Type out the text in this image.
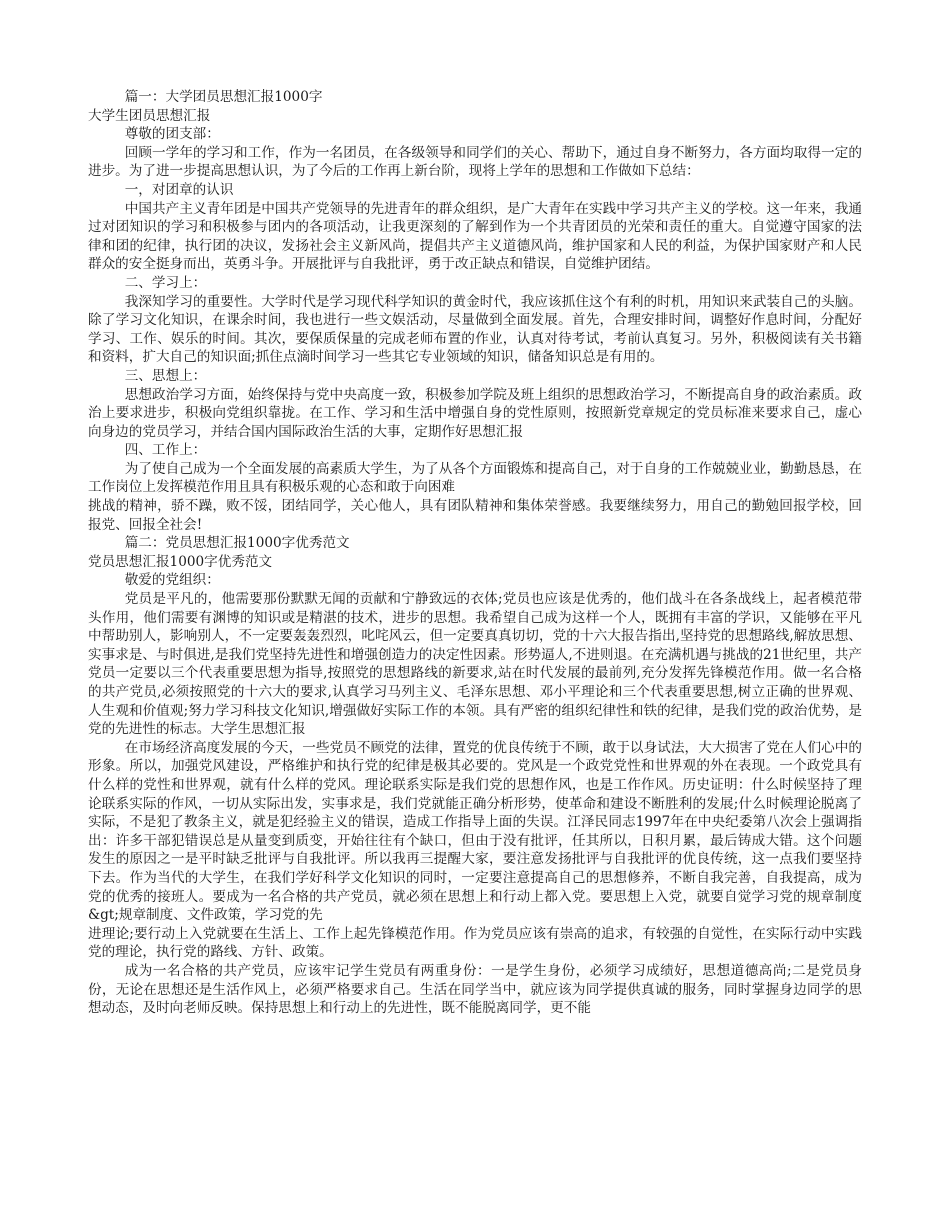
篇一：大学团员思想汇报1000字

大学生团员思想汇报

尊敬的团支部：

回顾一学年的学习和工作，作为一名团员，在各级领导和同学们的关心、帮助下，通过自身不断努力，各方面均取得一定的进步。为了进一步提高思想认识，为了今后的工作再上新台阶，现将上学年的思想和工作做如下总结：

一，对团章的认识

中国共产主义青年团是中国共产党领导的先进青年的群众组织，是广大青年在实践中学习共产主义的学校。这一年来，我通过对团知识的学习和积极参与团内的各项活动，让我更深刻的了解到作为一个共青团员的光荣和责任的重大。自觉遵守国家的法律和团的纪律，执行团的决议，发扬社会主义新风尚，提倡共产主义道德风尚，维护国家和人民的利益，为保护国家财产和人民群众的安全挺身而出，英勇斗争。开展批评与自我批评，勇于改正缺点和错误，自觉维护团结。

二、学习上：

我深知学习的重要性。大学时代是学习现代科学知识的黄金时代，我应该抓住这个有利的时机，用知识来武装自己的头脑。除了学习文化知识，在课余时间，我也进行一些文娱活动，尽量做到全面发展。首先，合理安排时间，调整好作息时间，分配好学习、工作、娱乐的时间。其次，要保质保量的完成老师布置的作业，认真对待考试，考前认真复习。另外，积极阅读有关书籍和资料，扩大自己的知识面;抓住点滴时间学习一些其它专业领域的知识，储备知识总是有用的。

三、思想上：

思想政治学习方面，始终保持与党中央高度一致，积极参加学院及班上组织的思想政治学习，不断提高自身的政治素质。政治上要求进步，积极向党组织靠拢。在工作、学习和生活中增强自身的党性原则，按照新党章规定的党员标准来要求自己，虚心向身边的党员学习，并结合国内国际政治生活的大事，定期作好思想汇报

四、工作上：

为了使自己成为一个全面发展的高素质大学生，为了从各个方面锻炼和提高自己，对于自身的工作兢兢业业，勤勤恳恳，在工作岗位上发挥模范作用且具有积极乐观的心态和敢于向困难

挑战的精神，骄不躁，败不馁，团结同学，关心他人，具有团队精神和集体荣誉感。我要继续努力，用自己的勤勉回报学校，回报党、回报全社会!

篇二：党员思想汇报1000字优秀范文

党员思想汇报1000字优秀范文

敬爱的党组织：

党员是平凡的，他需要那份默默无闻的贡献和宁静致远的衣体;党员也应该是优秀的，他们战斗在各条战线上，起者模范带头作用，他们需要有渊博的知识或是精湛的技术，进步的思想。我希望自己成为这样一个人，既拥有丰富的学识，又能够在平凡中帮助别人，影响别人，不一定要轰轰烈烈，叱咤风云，但一定要真真切切，党的十六大报告指出,坚持党的思想路线,解放思想、实事求是、与时俱进,是我们党坚持先进性和增强创造力的决定性因素。形势逼人,不进则退。在充满机遇与挑战的21世纪里，共产党员一定要以三个代表重要思想为指导,按照党的思想路线的新要求,站在时代发展的最前列,充分发挥先锋模范作用。做一名合格的共产党员,必须按照党的十六大的要求,认真学习马列主义、毛泽东思想、邓小平理论和三个代表重要思想,树立正确的世界观、人生观和价值观;努力学习科技文化知识,增强做好实际工作的本领。具有严密的组织纪律性和铁的纪律，是我们党的政治优势，是党的先进性的标志。大学生思想汇报

在市场经济高度发展的今天，一些党员不顾党的法律，置党的优良传统于不顾，敢于以身试法，大大损害了党在人们心中的形象。所以，加强党风建设，严格维护和执行党的纪律是极其必要的。党风是一个政党党性和世界观的外在表现。一个政党具有什么样的党性和世界观，就有什么样的党风。理论联系实际是我们党的思想作风，也是工作作风。历史证明：什么时候坚持了理论联系实际的作风，一切从实际出发，实事求是，我们党就能正确分析形势，使革命和建设不断胜利的发展;什么时候理论脱离了实际，不是犯了教条主义，就是犯经验主义的错误，造成工作指导上面的失误。江泽民同志1997年在中央纪委第八次会上强调指出：许多干部犯错误总是从量变到质变，开始往往有个缺口，但由于没有批评，任其所以，日积月累，最后铸成大错。这个问题发生的原因之一是平时缺乏批评与自我批评。所以我再三提醒大家，要注意发扬批评与自我批评的优良传统，这一点我们要坚持下去。作为当代的大学生，在我们学好科学文化知识的同时，一定要注意提高自己的思想修养，不断自我完善，自我提高，成为党的优秀的接班人。要成为一名合格的共产党员，就必须在思想上和行动上都入党。要思想上入党，就要自觉学习党的规章制度&gt;规章制度、文件政策，学习党的先

进理论;要行动上入党就要在生活上、工作上起先锋模范作用。作为党员应该有崇高的追求，有较强的自觉性，在实际行动中实践党的理论，执行党的路线、方针、政策。

成为一名合格的共产党员，应该牢记学生党员有两重身份：一是学生身份，必须学习成绩好，思想道德高尚;二是党员身份，无论在思想还是生活作风上，必须严格要求自己。生活在同学当中，就应该为同学提供真诚的服务，同时掌握身边同学的思想动态，及时向老师反映。保持思想上和行动上的先进性，既不能脱离同学，更不能
